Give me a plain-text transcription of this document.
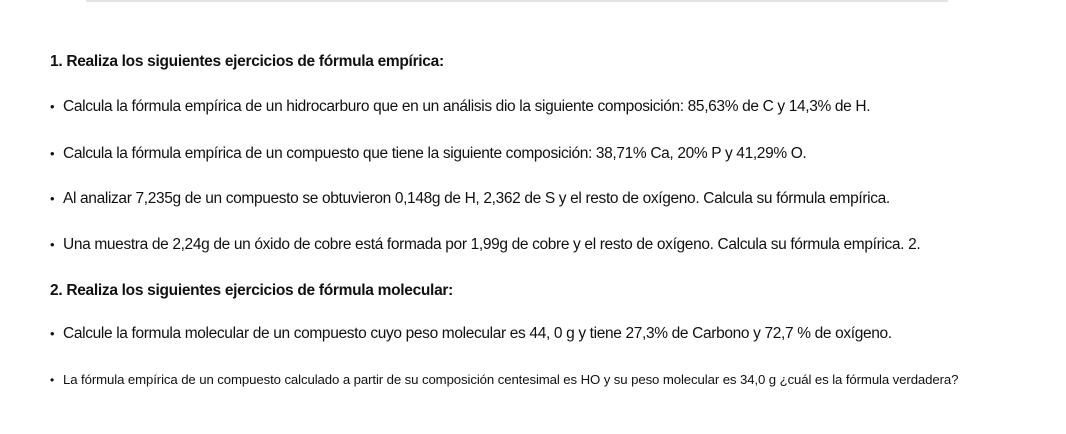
1. Realiza los siguientes ejercicios de fórmula empírica:
• Calcula la fórmula empírica de un hidrocarburo que en un análisis dio la siguiente composición: 85,63% de C y 14,3% de H.
• Calcula la fórmula empírica de un compuesto que tiene la siguiente composición: 38,71% Ca, 20% P y 41,29% O.
• Al analizar 7,235g de un compuesto se obtuvieron 0,148g de H, 2,362 de S y el resto de oxígeno. Calcula su fórmula empírica.
• Una muestra de 2,24g de un óxido de cobre está formada por 1,99g de cobre y el resto de oxígeno. Calcula su fórmula empírica. 2.
2. Realiza los siguientes ejercicios de fórmula molecular:
• Calcule la formula molecular de un compuesto cuyo peso molecular es 44, 0 g y tiene 27,3% de Carbono y 72,7 % de oxígeno.
• La fórmula empírica de un compuesto calculado a partir de su composición centesimal es HO y su peso molecular es 34,0 g ¿cuál es la fórmula verdadera?
